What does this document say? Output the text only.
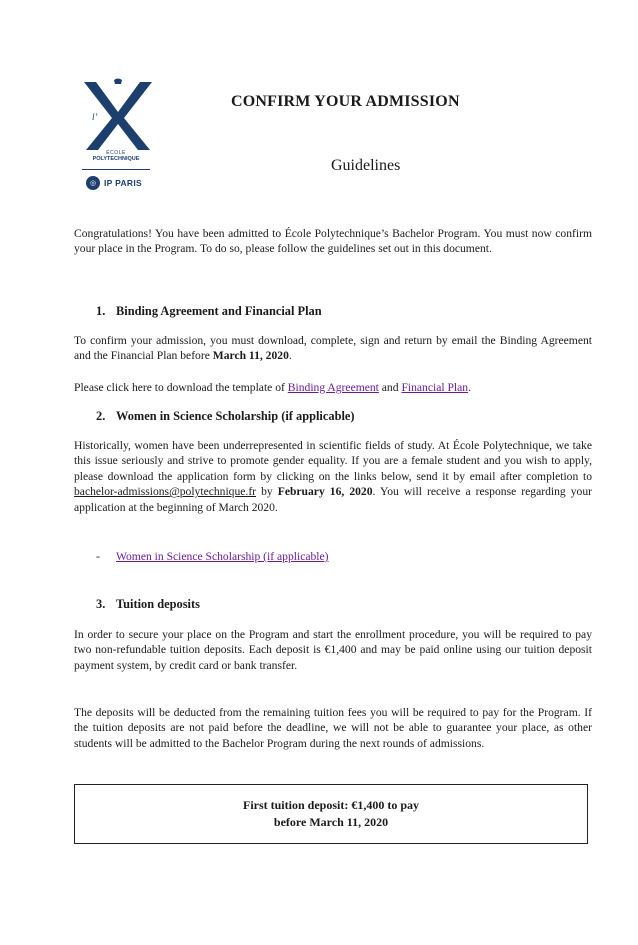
l’
ÉCOLE
POLYTECHNIQUE
◎ IP PARIS
CONFIRM YOUR ADMISSION
Guidelines
Congratulations! You have been admitted to École Polytechnique’s Bachelor Program. You must now confirm your place in the Program. To do so, please follow the guidelines set out in this document.
1. Binding Agreement and Financial Plan
To confirm your admission, you must download, complete, sign and return by email the Binding Agreement and the Financial Plan before March 11, 2020.
Please click here to download the template of Binding Agreement and Financial Plan.
2. Women in Science Scholarship (if applicable)
Historically, women have been underrepresented in scientific fields of study. At École Polytechnique, we take this issue seriously and strive to promote gender equality. If you are a female student and you wish to apply, please download the application form by clicking on the links below, send it by email after completion to bachelor-admissions@polytechnique.fr by February 16, 2020. You will receive a response regarding your application at the beginning of March 2020.
- Women in Science Scholarship (if applicable)
3. Tuition deposits
In order to secure your place on the Program and start the enrollment procedure, you will be required to pay two non-refundable tuition deposits. Each deposit is €1,400 and may be paid online using our tuition deposit payment system, by credit card or bank transfer.
The deposits will be deducted from the remaining tuition fees you will be required to pay for the Program. If the tuition deposits are not paid before the deadline, we will not be able to guarantee your place, as other students will be admitted to the Bachelor Program during the next rounds of admissions.
First tuition deposit: €1,400 to pay
before March 11, 2020
